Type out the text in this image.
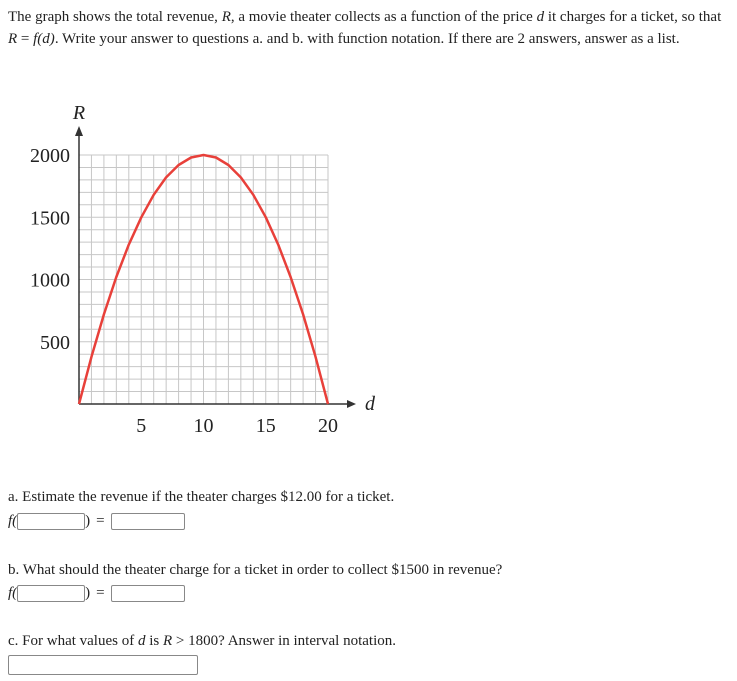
The graph shows the total revenue, R, a movie theater collects as a function of the price d it charges for a ticket, so that R = f(d). Write your answer to questions a. and b. with function notation. If there are 2 answers, answer as a list.

5 10 15 20
500
1000
1500
2000
R
d

a. Estimate the revenue if the theater charges $12.00 for a ticket.

f(	) =

b. What should the theater charge for a ticket in order to collect $1500 in revenue?

f(	) =

c. For what values of d is R > 1800? Answer in interval notation.
